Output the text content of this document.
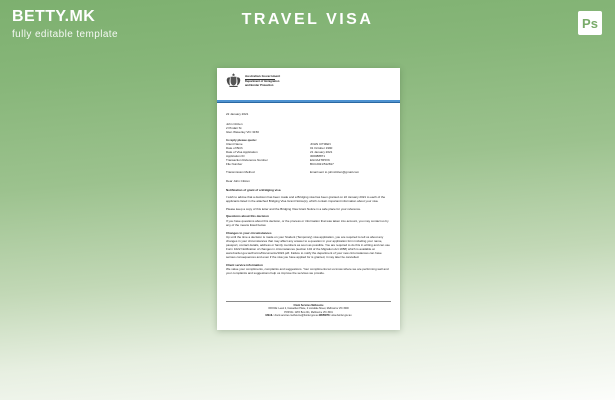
BETTY.MK
fully editable template
TRAVEL VISA	Ps
Australian Government
Department of Immigration
and Border Protection
22 January 2021
John Citizen
2 Pindari St
Glen Waverley VIC 3150
In reply please quote:
Client Name	JOHN CITIZEN
Date of Birth	01 October 1990
Date of Visa Application	21 January 2021
Application ID	300088871
Transaction Reference Number	EGOA4TR5VK
File Number	BCC2021/512817
Transmission Method	Email sent to johncitizen@gmail.com
Dear John Citizen
Notification of grant of a Bridging visa
I wish to advise that a decision has been made and a Bridging visa has been granted on 22 January 2021 to each of the applicants listed in the attached Bridging Visa Grant Notice(s), which contain important information about your visa.
Please keep a copy of this letter and the Bridging Visa Grant Notice in a safe place for your reference.
Questions about this decision
If you have questions about this decision, or the process or information that was taken into account, you may contact us by any of the means listed below.
Changes to your circumstances
Up until the time a decision is made on your Student (Temporary) visa application, you are required to tell us about any changes in your circumstances that may affect any answer to a question in your application form including your name, passport, contact details, address or family members as soon as possible. You are required to do this in writing and can use Form 1022 Notification of changes in circumstances (section 104 of the Migration Act 1958) which is available at www.border.gov.au/Forms/Documents/1022.pdf. Failure to notify the department of your new circumstances can have serious consequences and even if the visa you have applied for is granted, it may later be cancelled.
Client service information
We value your compliments, complaints and suggestions. Your compliments let us know where we are performing well and your complaints and suggestions help us improve the services we provide.
Client Services Melbourne
OFFICE: Level 2, Casselden Place, 2 Lonsdale Street, Melbourne VIC 3000
POSTAL: GPO Box 241, Melbourne VIC 3001
EMAIL: client.services.melbourne@border.gov.au WEBSITE: www.border.gov.au
